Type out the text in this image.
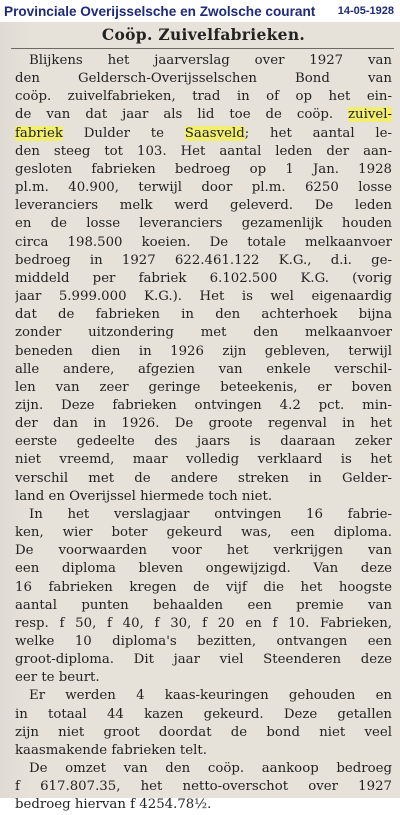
Provinciale Overijsselsche en Zwolsche courant 14-05-1928
Coöp. Zuivelfabrieken.
Blijkens het jaarverslag over 1927 van
den Geldersch-Overijsselschen Bond van
coöp. zuivelfabrieken, trad in of op het ein-
de van dat jaar als lid toe de coöp. zuivel-
fabriek Dulder te Saasveld; het aantal le-
den steeg tot 103. Het aantal leden der aan-
gesloten fabrieken bedroeg op 1 Jan. 1928
pl.m. 40.900, terwijl door pl.m. 6250 losse
leveranciers melk werd geleverd. De leden
en de losse leveranciers gezamenlijk houden
circa 198.500 koeien. De totale melkaanvoer
bedroeg in 1927 622.461.122 K.G., d.i. ge-
middeld per fabriek 6.102.500 K.G. (vorig
jaar 5.999.000 K.G.). Het is wel eigenaardig
dat de fabrieken in den achterhoek bijna
zonder uitzondering met den melkaanvoer
beneden dien in 1926 zijn gebleven, terwijl
alle andere, afgezien van enkele verschil-
len van zeer geringe beteekenis, er boven
zijn. Deze fabrieken ontvingen 4.2 pct. min-
der dan in 1926. De groote regenval in het
eerste gedeelte des jaars is daaraan zeker
niet vreemd, maar volledig verklaard is het
verschil met de andere streken in Gelder-
land en Overijssel hiermede toch niet.
In het verslagjaar ontvingen 16 fabrie-
ken, wier boter gekeurd was, een diploma.
De voorwaarden voor het verkrijgen van
een diploma bleven ongewijzigd. Van deze
16 fabrieken kregen de vijf die het hoogste
aantal punten behaalden een premie van
resp. f 50, f 40, f 30, f 20 en f 10. Fabrieken,
welke 10 diploma's bezitten, ontvangen een
groot-diploma. Dit jaar viel Steenderen deze
eer te beurt.
Er werden 4 kaas-keuringen gehouden en
in totaal 44 kazen gekeurd. Deze getallen
zijn niet groot doordat de bond niet veel
kaasmakende fabrieken telt.
De omzet van den coöp. aankoop bedroeg
f 617.807.35, het netto-overschot over 1927
bedroeg hiervan f 4254.78½.
